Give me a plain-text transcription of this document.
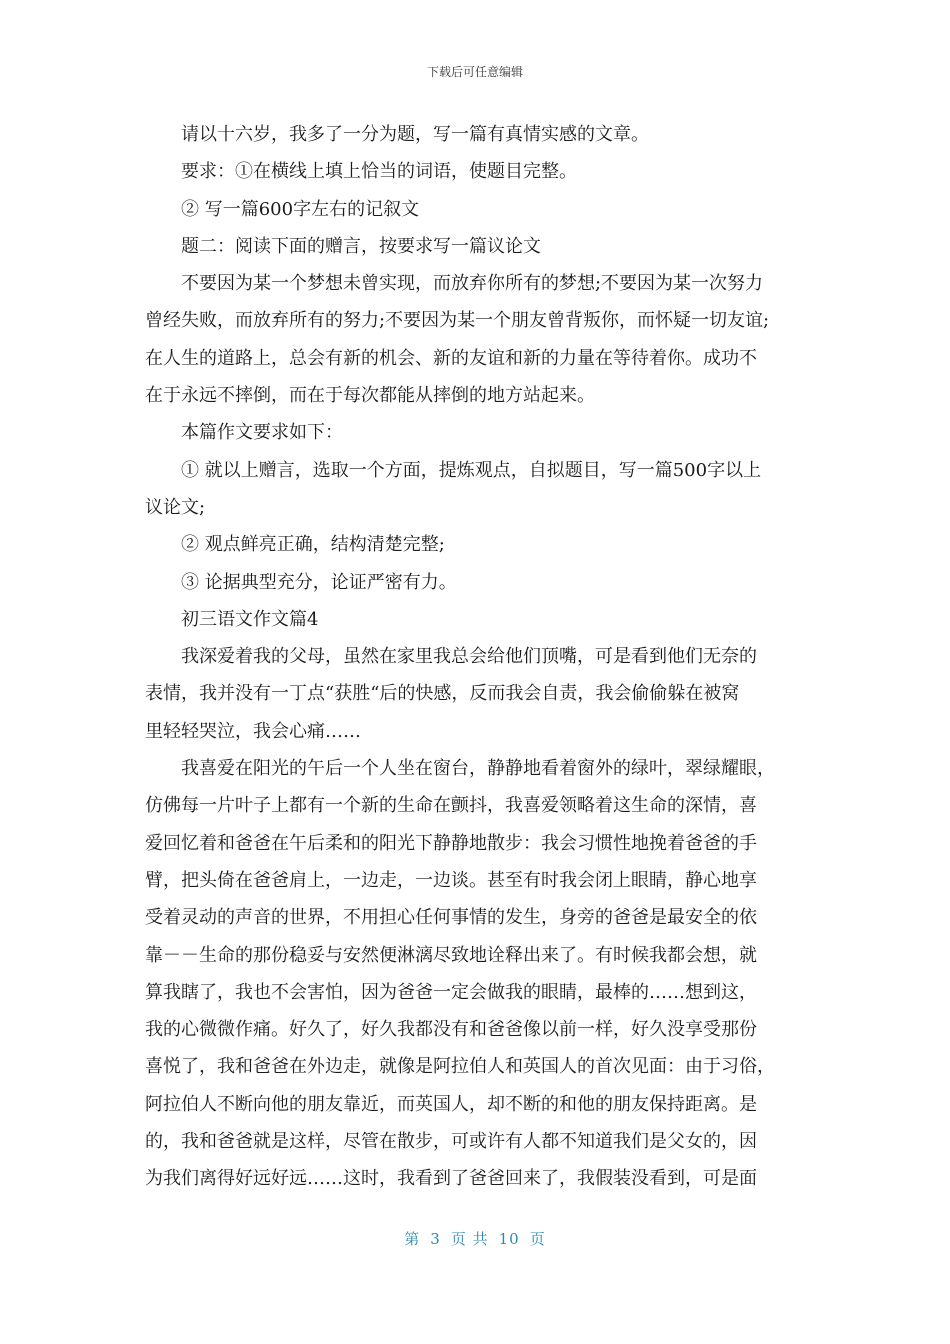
下载后可任意编辑

请以十六岁，我多了一分为题，写一篇有真情实感的文章。

要求：①在横线上填上恰当的词语，使题目完整。

② 写一篇600字左右的记叙文

题二：阅读下面的赠言，按要求写一篇议论文

不要因为某一个梦想未曾实现，而放弃你所有的梦想;不要因为某一次努力
曾经失败，而放弃所有的努力;不要因为某一个朋友曾背叛你，而怀疑一切友谊;
在人生的道路上，总会有新的机会、新的友谊和新的力量在等待着你。成功不
在于永远不摔倒，而在于每次都能从摔倒的地方站起来。

本篇作文要求如下：

① 就以上赠言，选取一个方面，提炼观点，自拟题目，写一篇500字以上
议论文;

② 观点鲜亮正确，结构清楚完整;

③ 论据典型充分，论证严密有力。

初三语文作文篇4

我深爱着我的父母，虽然在家里我总会给他们顶嘴，可是看到他们无奈的
表情，我并没有一丁点“获胜“后的快感，反而我会自责，我会偷偷躲在被窝
里轻轻哭泣，我会心痛……

我喜爱在阳光的午后一个人坐在窗台，静静地看着窗外的绿叶，翠绿耀眼，
仿佛每一片叶子上都有一个新的生命在颤抖，我喜爱领略着这生命的深情，喜
爱回忆着和爸爸在午后柔和的阳光下静静地散步：我会习惯性地挽着爸爸的手
臂，把头倚在爸爸肩上，一边走，一边谈。甚至有时我会闭上眼睛，静心地享
受着灵动的声音的世界，不用担心任何事情的发生，身旁的爸爸是最安全的依
靠－－生命的那份稳妥与安然便淋漓尽致地诠释出来了。有时候我都会想，就
算我瞎了，我也不会害怕，因为爸爸一定会做我的眼睛，最棒的……想到这，
我的心微微作痛。好久了，好久我都没有和爸爸像以前一样，好久没享受那份
喜悦了，我和爸爸在外边走，就像是阿拉伯人和英国人的首次见面：由于习俗，
阿拉伯人不断向他的朋友靠近，而英国人，却不断的和他的朋友保持距离。是
的，我和爸爸就是这样，尽管在散步，可或许有人都不知道我们是父女的，因
为我们离得好远好远……这时，我看到了爸爸回来了，我假装没看到，可是面

第 3 页 共 10 页
